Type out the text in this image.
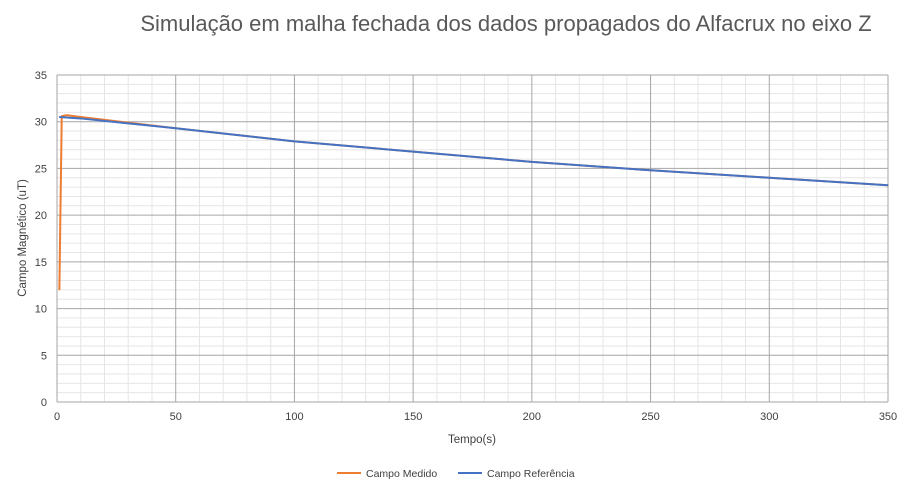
Simulação em malha fechada dos dados propagados do Alfacrux no eixo Z
0	50	100	150	200	250	300	350
0
5
10
15
20
25
30
35
Tempo(s)
Campo Magnético (uT)
Campo Medido	Campo Referência
